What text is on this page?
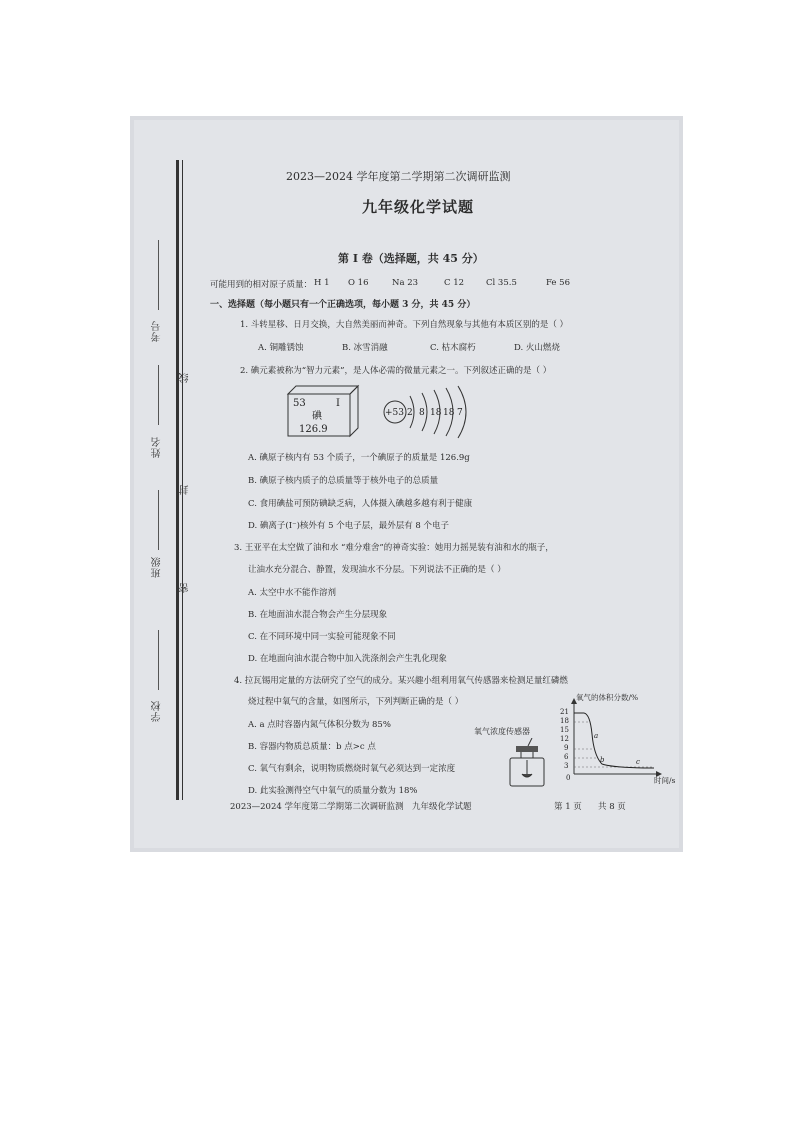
考号
线
姓名
封
班级
密
学校
2023—2024 学年度第二学期第二次调研监测
九年级化学试题
第 I 卷（选择题，共 45 分）
可能用到的相对原子质量： H 1 O 16	Na 23	C 12	Cl 35.5	Fe 56
一、选择题（每小题只有一个正确选项，每小题 3 分，共 45 分）
1. 斗转星移、日月交换，大自然美丽而神奇。下列自然现象与其他有本质区别的是（ ）
A. 铜雕锈蚀	B. 冰雪消融	C. 枯木腐朽	D. 火山燃烧
2. 碘元素被称为“智力元素”，是人体必需的微量元素之一。下列叙述正确的是（ ）
53	I
碘
126.9
+53 2 8 18 18 7
A. 碘原子核内有 53 个质子，一个碘原子的质量是 126.9g
B. 碘原子核内质子的总质量等于核外电子的总质量
C. 食用碘盐可预防碘缺乏病，人体摄入碘越多越有利于健康
D. 碘离子(I⁻)核外有 5 个电子层，最外层有 8 个电子
3. 王亚平在太空做了油和水 “难分难舍”的神奇实验：她用力摇晃装有油和水的瓶子，
让油水充分混合、静置，发现油水不分层。下列说法不正确的是（ ）
A. 太空中水不能作溶剂
B. 在地面油水混合物会产生分层现象
C. 在不同环境中同一实验可能现象不同
D. 在地面向油水混合物中加入洗涤剂会产生乳化现象
4. 拉瓦锡用定量的方法研究了空气的成分。某兴趣小组利用氧气传感器来检测足量红磷燃
烧过程中氧气的含量，如图所示，下列判断正确的是（ ）
A. a 点时容器内氮气体积分数为 85%
B. 容器内物质总质量：b 点>c 点
C. 氧气有剩余，说明物质燃烧时氧气必须达到一定浓度
D. 此实验测得空气中氧气的质量分数为 18%
氧气浓度传感器
氧气的体积分数/%
时间/s
0
21
18
15
12
9
6
3
a
b	c
2023—2024 学年度第二学期第二次调研监测　九年级化学试题	第 1 页 共 8 页
